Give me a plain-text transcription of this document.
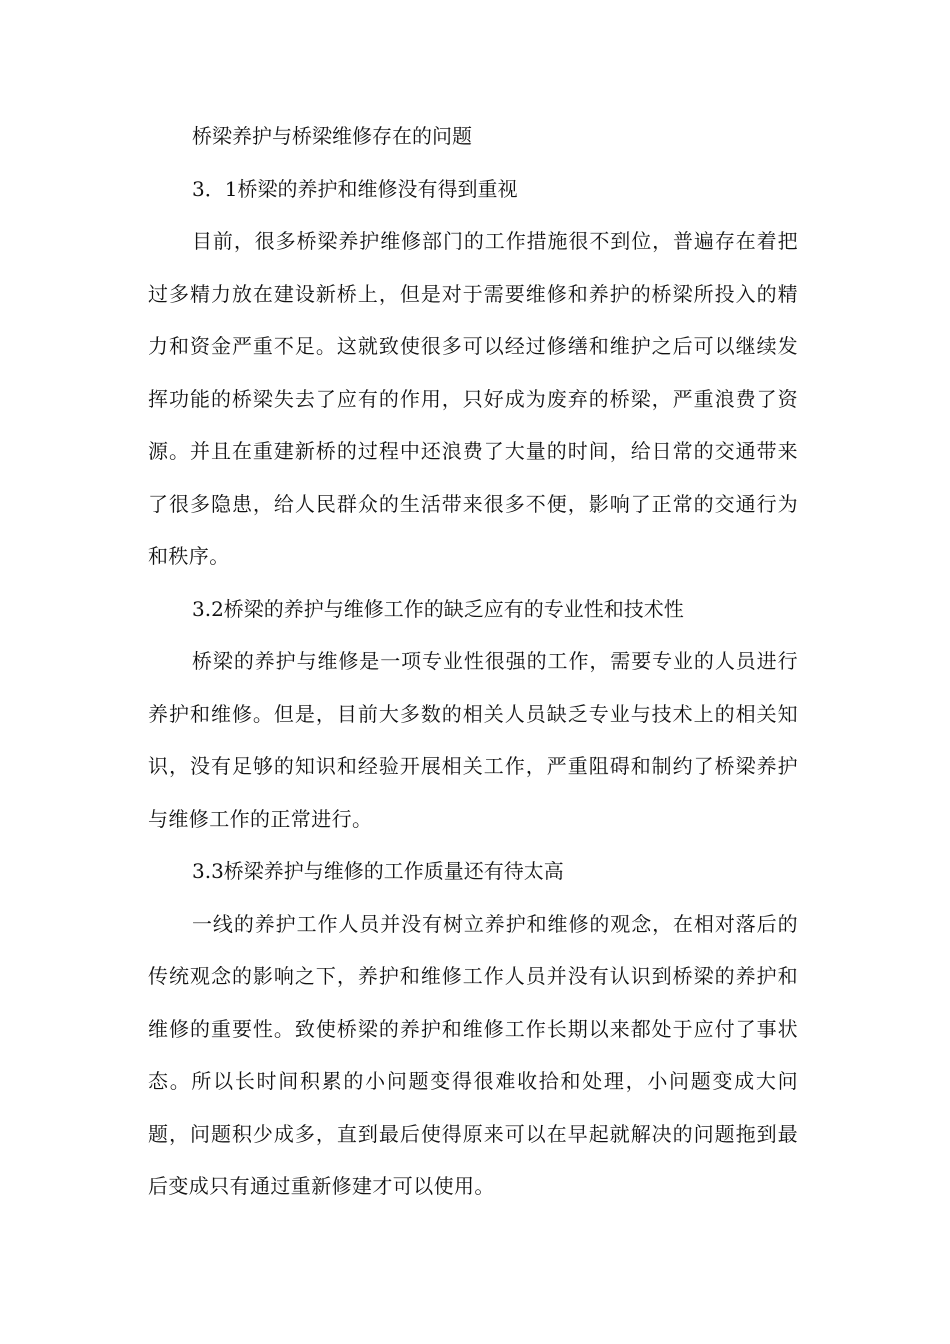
桥梁养护与桥梁维修存在的问题
3．1桥梁的养护和维修没有得到重视

目前，很多桥梁养护维修部门的工作措施很不到位，普遍存在着把过多精力放在建设新桥上，但是对于需要维修和养护的桥梁所投入的精力和资金严重不足。这就致使很多可以经过修缮和维护之后可以继续发挥功能的桥梁失去了应有的作用，只好成为废弃的桥梁，严重浪费了资源。并且在重建新桥的过程中还浪费了大量的时间，给日常的交通带来了很多隐患，给人民群众的生活带来很多不便，影响了正常的交通行为和秩序。

3.2桥梁的养护与维修工作的缺乏应有的专业性和技术性

桥梁的养护与维修是一项专业性很强的工作，需要专业的人员进行养护和维修。但是，目前大多数的相关人员缺乏专业与技术上的相关知识，没有足够的知识和经验开展相关工作，严重阻碍和制约了桥梁养护与维修工作的正常进行。

3.3桥梁养护与维修的工作质量还有待太高

一线的养护工作人员并没有树立养护和维修的观念，在相对落后的传统观念的影响之下，养护和维修工作人员并没有认识到桥梁的养护和维修的重要性。致使桥梁的养护和维修工作长期以来都处于应付了事状态。所以长时间积累的小问题变得很难收拾和处理，小问题变成大问题，问题积少成多，直到最后使得原来可以在早起就解决的问题拖到最后变成只有通过重新修建才可以使用。
